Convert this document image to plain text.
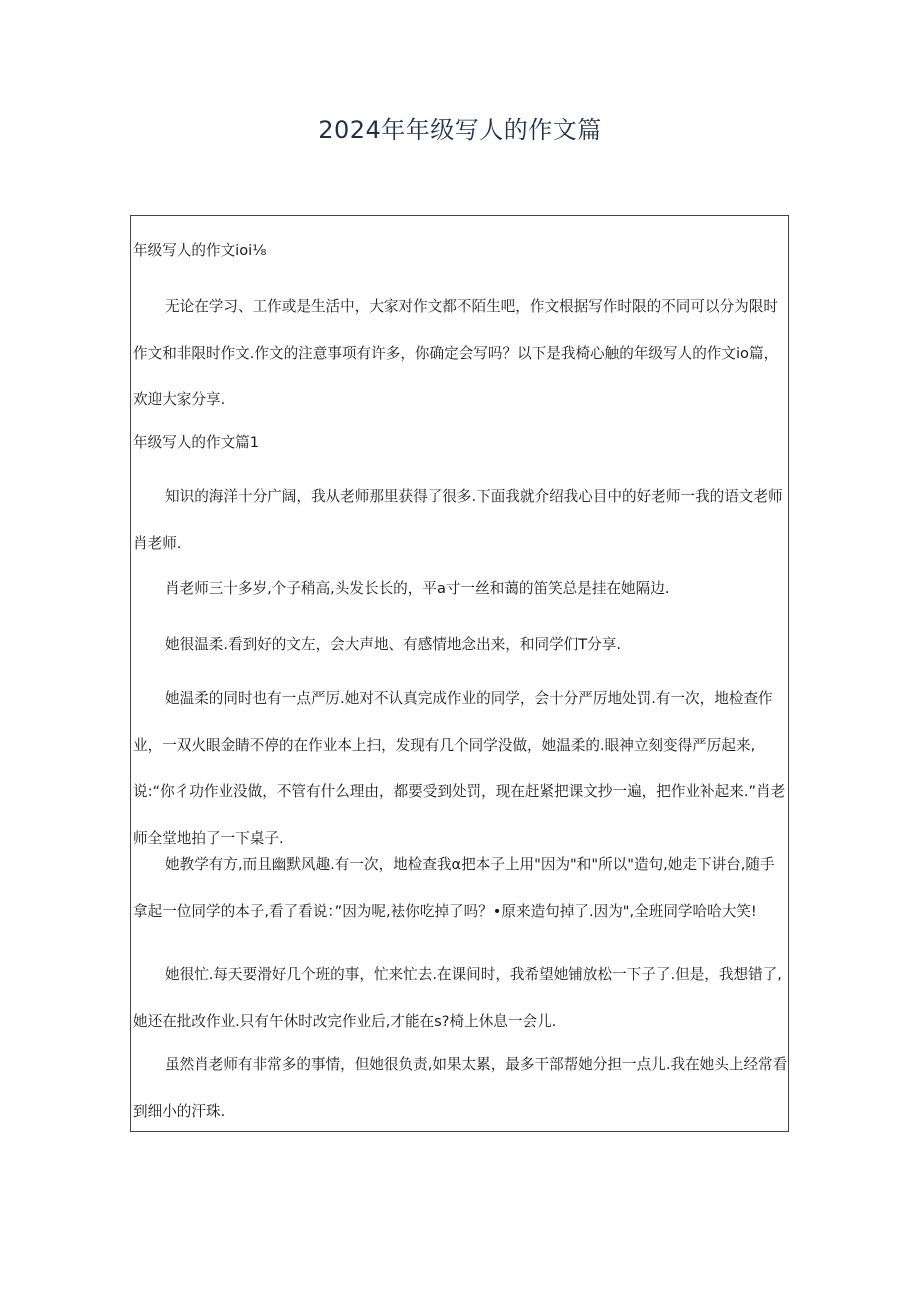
2024年年级写人的作文篇

年级写人的作文ioi⅛

无论在学习、工作或是生活中，大家对作文都不陌生吧，作文根据写作时限的不同可以分为限时作文和非限时作文.作文的注意事项有许多，你确定会写吗？以下是我椅心触的年级写人的作文io篇，欢迎大家分享.

年级写人的作文篇1

知识的海洋十分广阔，我从老师那里获得了很多.下面我就介绍我心目中的好老师一我的语文老师肖老师.

肖老师三十多岁,个子稍高,头发长长的，平a寸一丝和蔼的笛笑总是挂在她隔边.

她很温柔.看到好的文左，会大声地、有感情地念出来，和同学们T分享.

她温柔的同时也有一点严厉.她对不认真完成作业的同学，会十分严厉地处罚.有一次，地检查作业，一双火眼金睛不停的在作业本上扫，发现有几个同学没做，她温柔的.眼神立刻变得严厉起来,说:“你彳功作业没做，不管有什么理由，都要受到处罚，现在赶紧把课文抄一遍，把作业补起来.”肖老师全堂地拍了一下桌子.

她教学有方,而且幽默风趣.有一次，地检查我α把本子上用"因为"和"所以"造句,她走下讲台,随手拿起一位同学的本子,看了看说：”因为呢,袪你吃掉了吗？•原来造句掉了.因为",全班同学哈哈大笑!

她很忙.每天要滑好几个班的事，忙来忙去.在课间时，我希望她铺放松一下子了.但是，我想错了,她还在批改作业.只有午休时改完作业后,才能在s?椅上休息一会儿.

虽然肖老师有非常多的事情，但她很负责,如果太累，最多干部帮她分担一点儿.我在她头上经常看到细小的汗珠.
